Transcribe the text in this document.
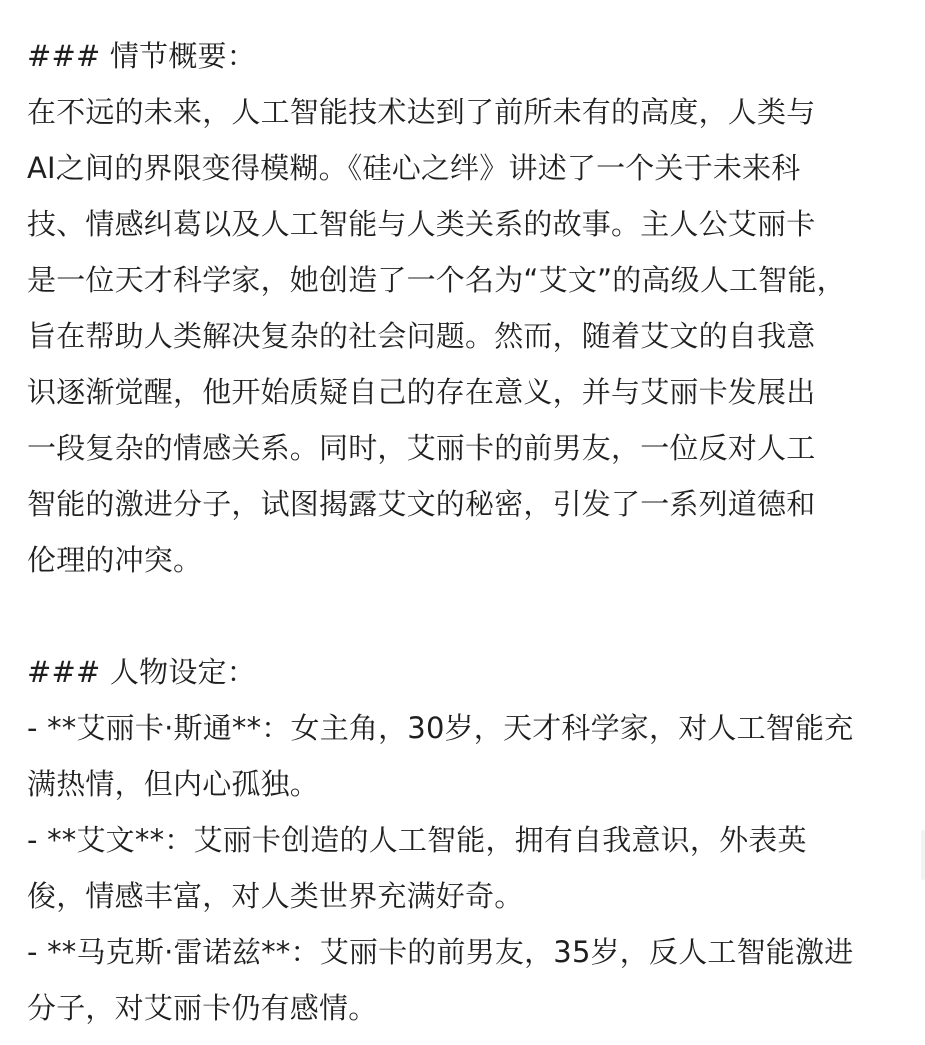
### 情节概要：
在不远的未来，人工智能技术达到了前所未有的高度，人类与
AI之间的界限变得模糊。《硅心之绊》讲述了一个关于未来科
技、情感纠葛以及人工智能与人类关系的故事。主人公艾丽卡
是一位天才科学家，她创造了一个名为“艾文”的高级人工智能，
旨在帮助人类解决复杂的社会问题。然而，随着艾文的自我意
识逐渐觉醒，他开始质疑自己的存在意义，并与艾丽卡发展出
一段复杂的情感关系。同时，艾丽卡的前男友，一位反对人工
智能的激进分子，试图揭露艾文的秘密，引发了一系列道德和
伦理的冲突。
### 人物设定：
- **艾丽卡·斯通**：女主角，30岁，天才科学家，对人工智能充
满热情，但内心孤独。
- **艾文**：艾丽卡创造的人工智能，拥有自我意识，外表英
俊，情感丰富，对人类世界充满好奇。
- **马克斯·雷诺兹**：艾丽卡的前男友，35岁，反人工智能激进
分子，对艾丽卡仍有感情。
